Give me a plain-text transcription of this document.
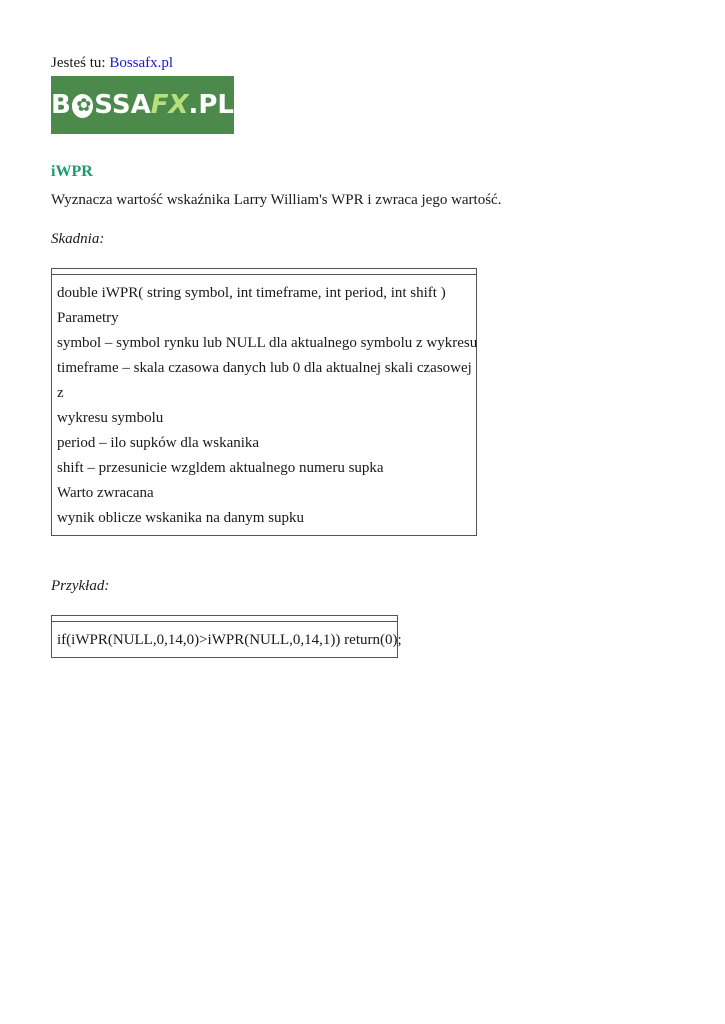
Jesteś tu: Bossafx.pl
B
✿ SSA FX .PL
iWPR
Wyznacza wartość wskaźnika Larry William's WPR i zwraca jego wartość.
Skadnia:
double iWPR( string symbol, int timeframe, int period, int shift )
Parametry
symbol – symbol rynku lub NULL dla aktualnego symbolu z wykresu
timeframe – skala czasowa danych lub 0 dla aktualnej skali czasowej
z
wykresu symbolu
period – ilo supków dla wskanika
shift – przesunicie wzgldem aktualnego numeru supka
Warto zwracana
wynik oblicze wskanika na danym supku
Przykład:
if(iWPR(NULL,0,14,0)>iWPR(NULL,0,14,1)) return(0);
